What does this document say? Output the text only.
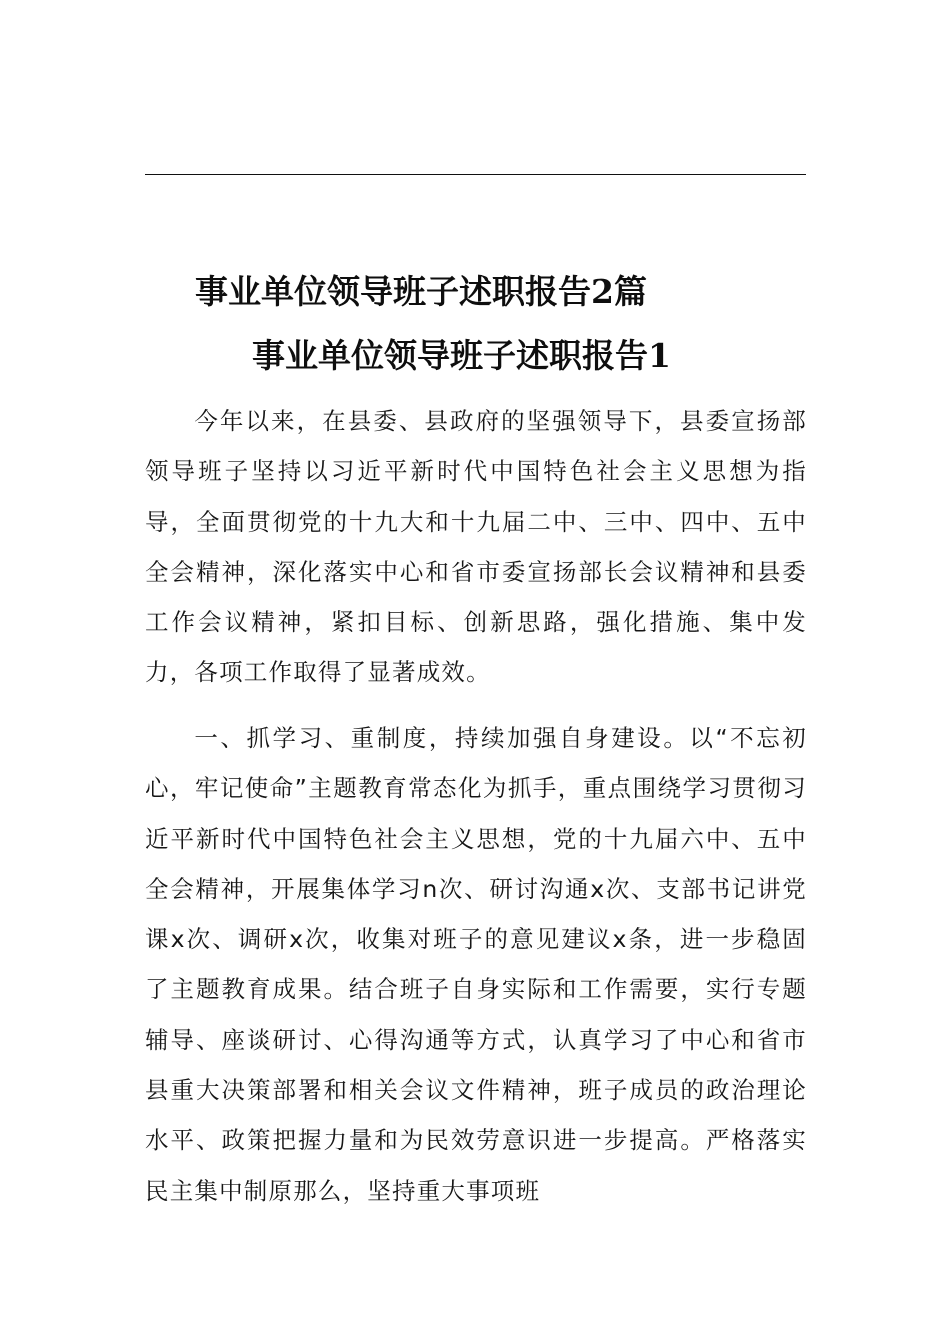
事业单位领导班子述职报告2篇
事业单位领导班子述职报告1

今年以来，在县委、县政府的坚强领导下，县委宣扬部领导班子坚持以习近平新时代中国特色社会主义思想为指导，全面贯彻党的十九大和十九届二中、三中、四中、五中全会精神，深化落实中心和省市委宣扬部长会议精神和县委工作会议精神，紧扣目标、创新思路，强化措施、集中发力，各项工作取得了显著成效。

一、抓学习、重制度，持续加强自身建设。以“不忘初心，牢记使命”主题教育常态化为抓手，重点围绕学习贯彻习近平新时代中国特色社会主义思想，党的十九届六中、五中全会精神，开展集体学习n次、研讨沟通x次、支部书记讲党课x次、调研x次，收集对班子的意见建议x条，进一步稳固了主题教育成果。结合班子自身实际和工作需要，实行专题辅导、座谈研讨、心得沟通等方式，认真学习了中心和省市县重大决策部署和相关会议文件精神，班子成员的政治理论水平、政策把握力量和为民效劳意识进一步提高。严格落实民主集中制原那么，坚持重大事项班
